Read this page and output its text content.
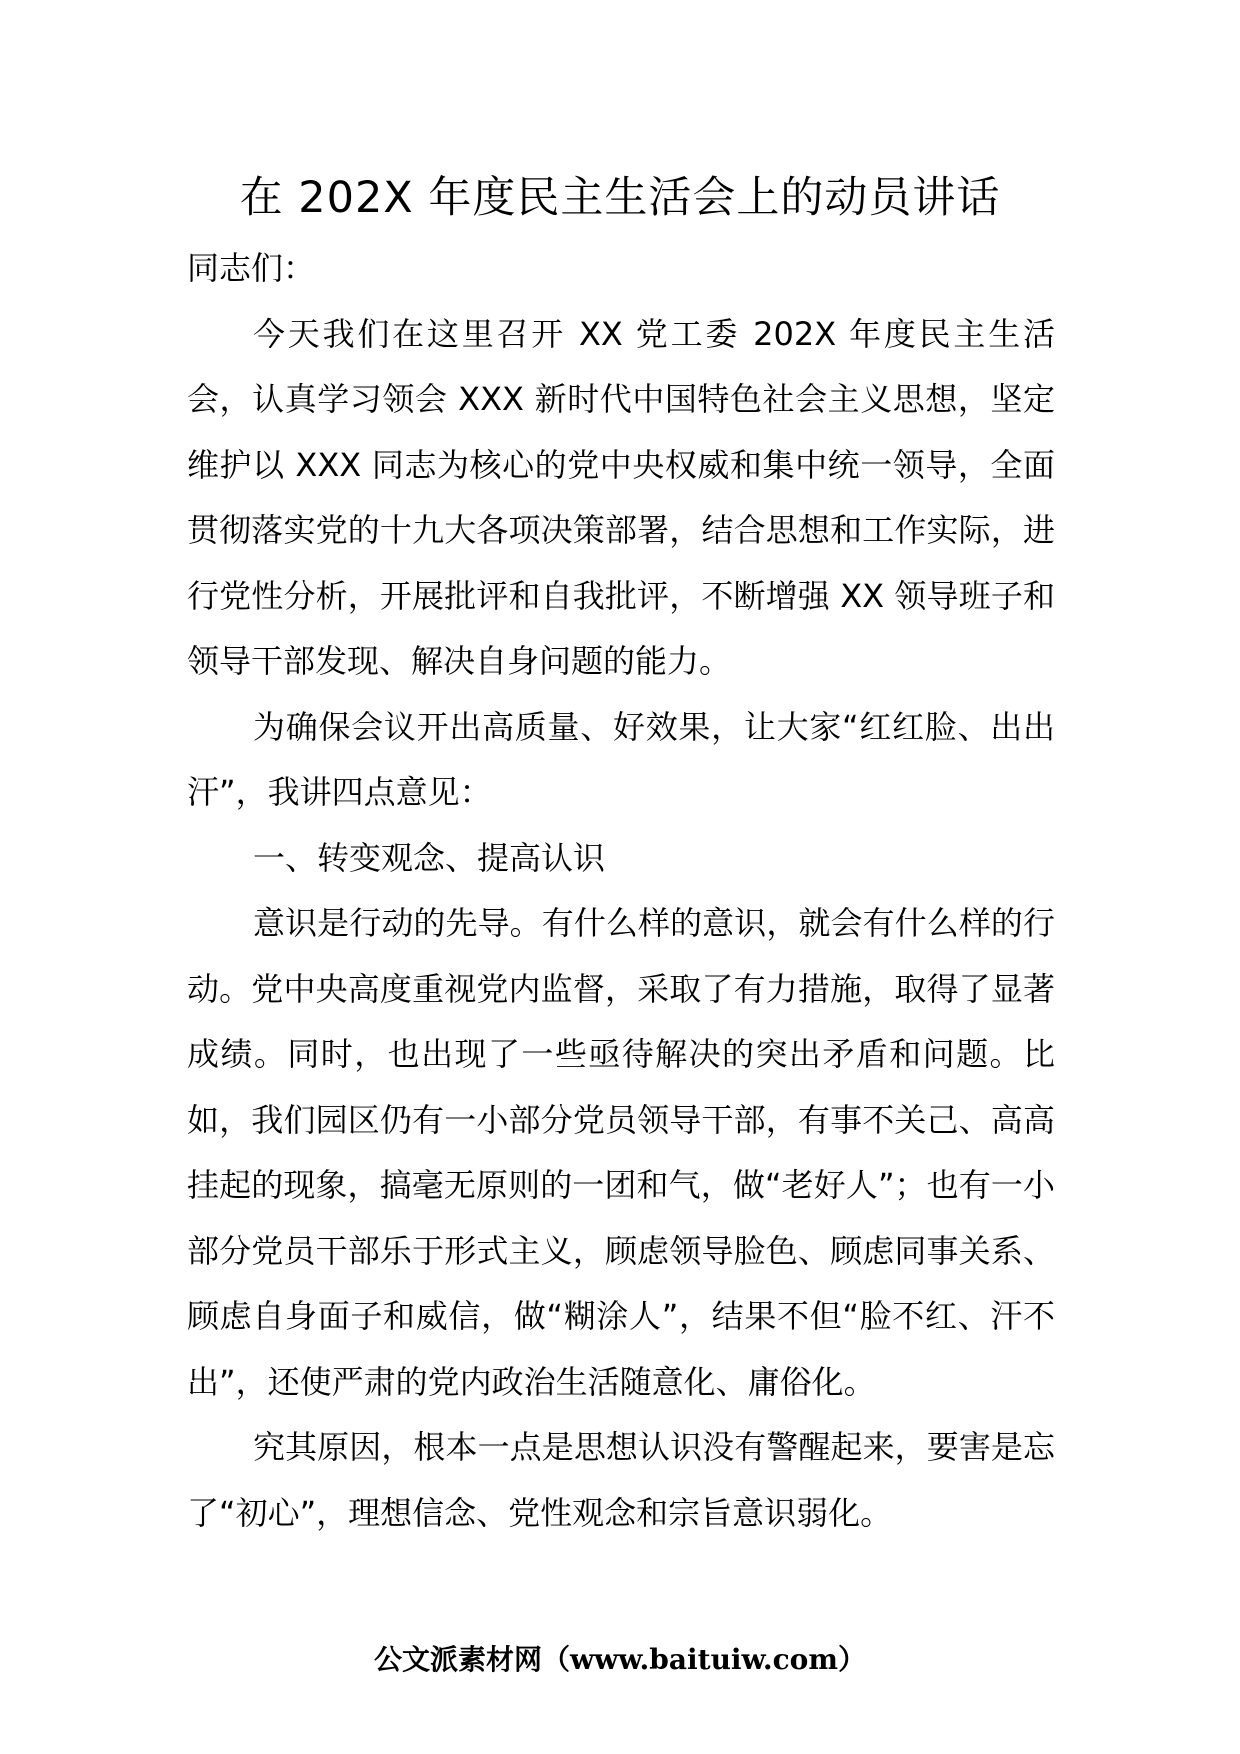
在 202X 年度民主生活会上的动员讲话

同志们：

今天我们在这里召开 XX 党工委 202X 年度民主生活会，认真学习领会 XXX 新时代中国特色社会主义思想，坚定维护以 XXX 同志为核心的党中央权威和集中统一领导，全面贯彻落实党的十九大各项决策部署，结合思想和工作实际，进行党性分析，开展批评和自我批评，不断增强 XX 领导班子和领导干部发现、解决自身问题的能力。

为确保会议开出高质量、好效果，让大家“红红脸、出出汗”，我讲四点意见：

一、转变观念、提高认识

意识是行动的先导。有什么样的意识，就会有什么样的行动。党中央高度重视党内监督，采取了有力措施，取得了显著成绩。同时，也出现了一些亟待解决的突出矛盾和问题。比如，我们园区仍有一小部分党员领导干部，有事不关己、高高挂起的现象，搞毫无原则的一团和气，做“老好人”；也有一小部分党员干部乐于形式主义，顾虑领导脸色、顾虑同事关系、顾虑自身面子和威信，做“糊涂人”，结果不但“脸不红、汗不出”，还使严肃的党内政治生活随意化、庸俗化。

究其原因，根本一点是思想认识没有警醒起来，要害是忘了“初心”，理想信念、党性观念和宗旨意识弱化。

公文派素材网（www.baituiw.com）
